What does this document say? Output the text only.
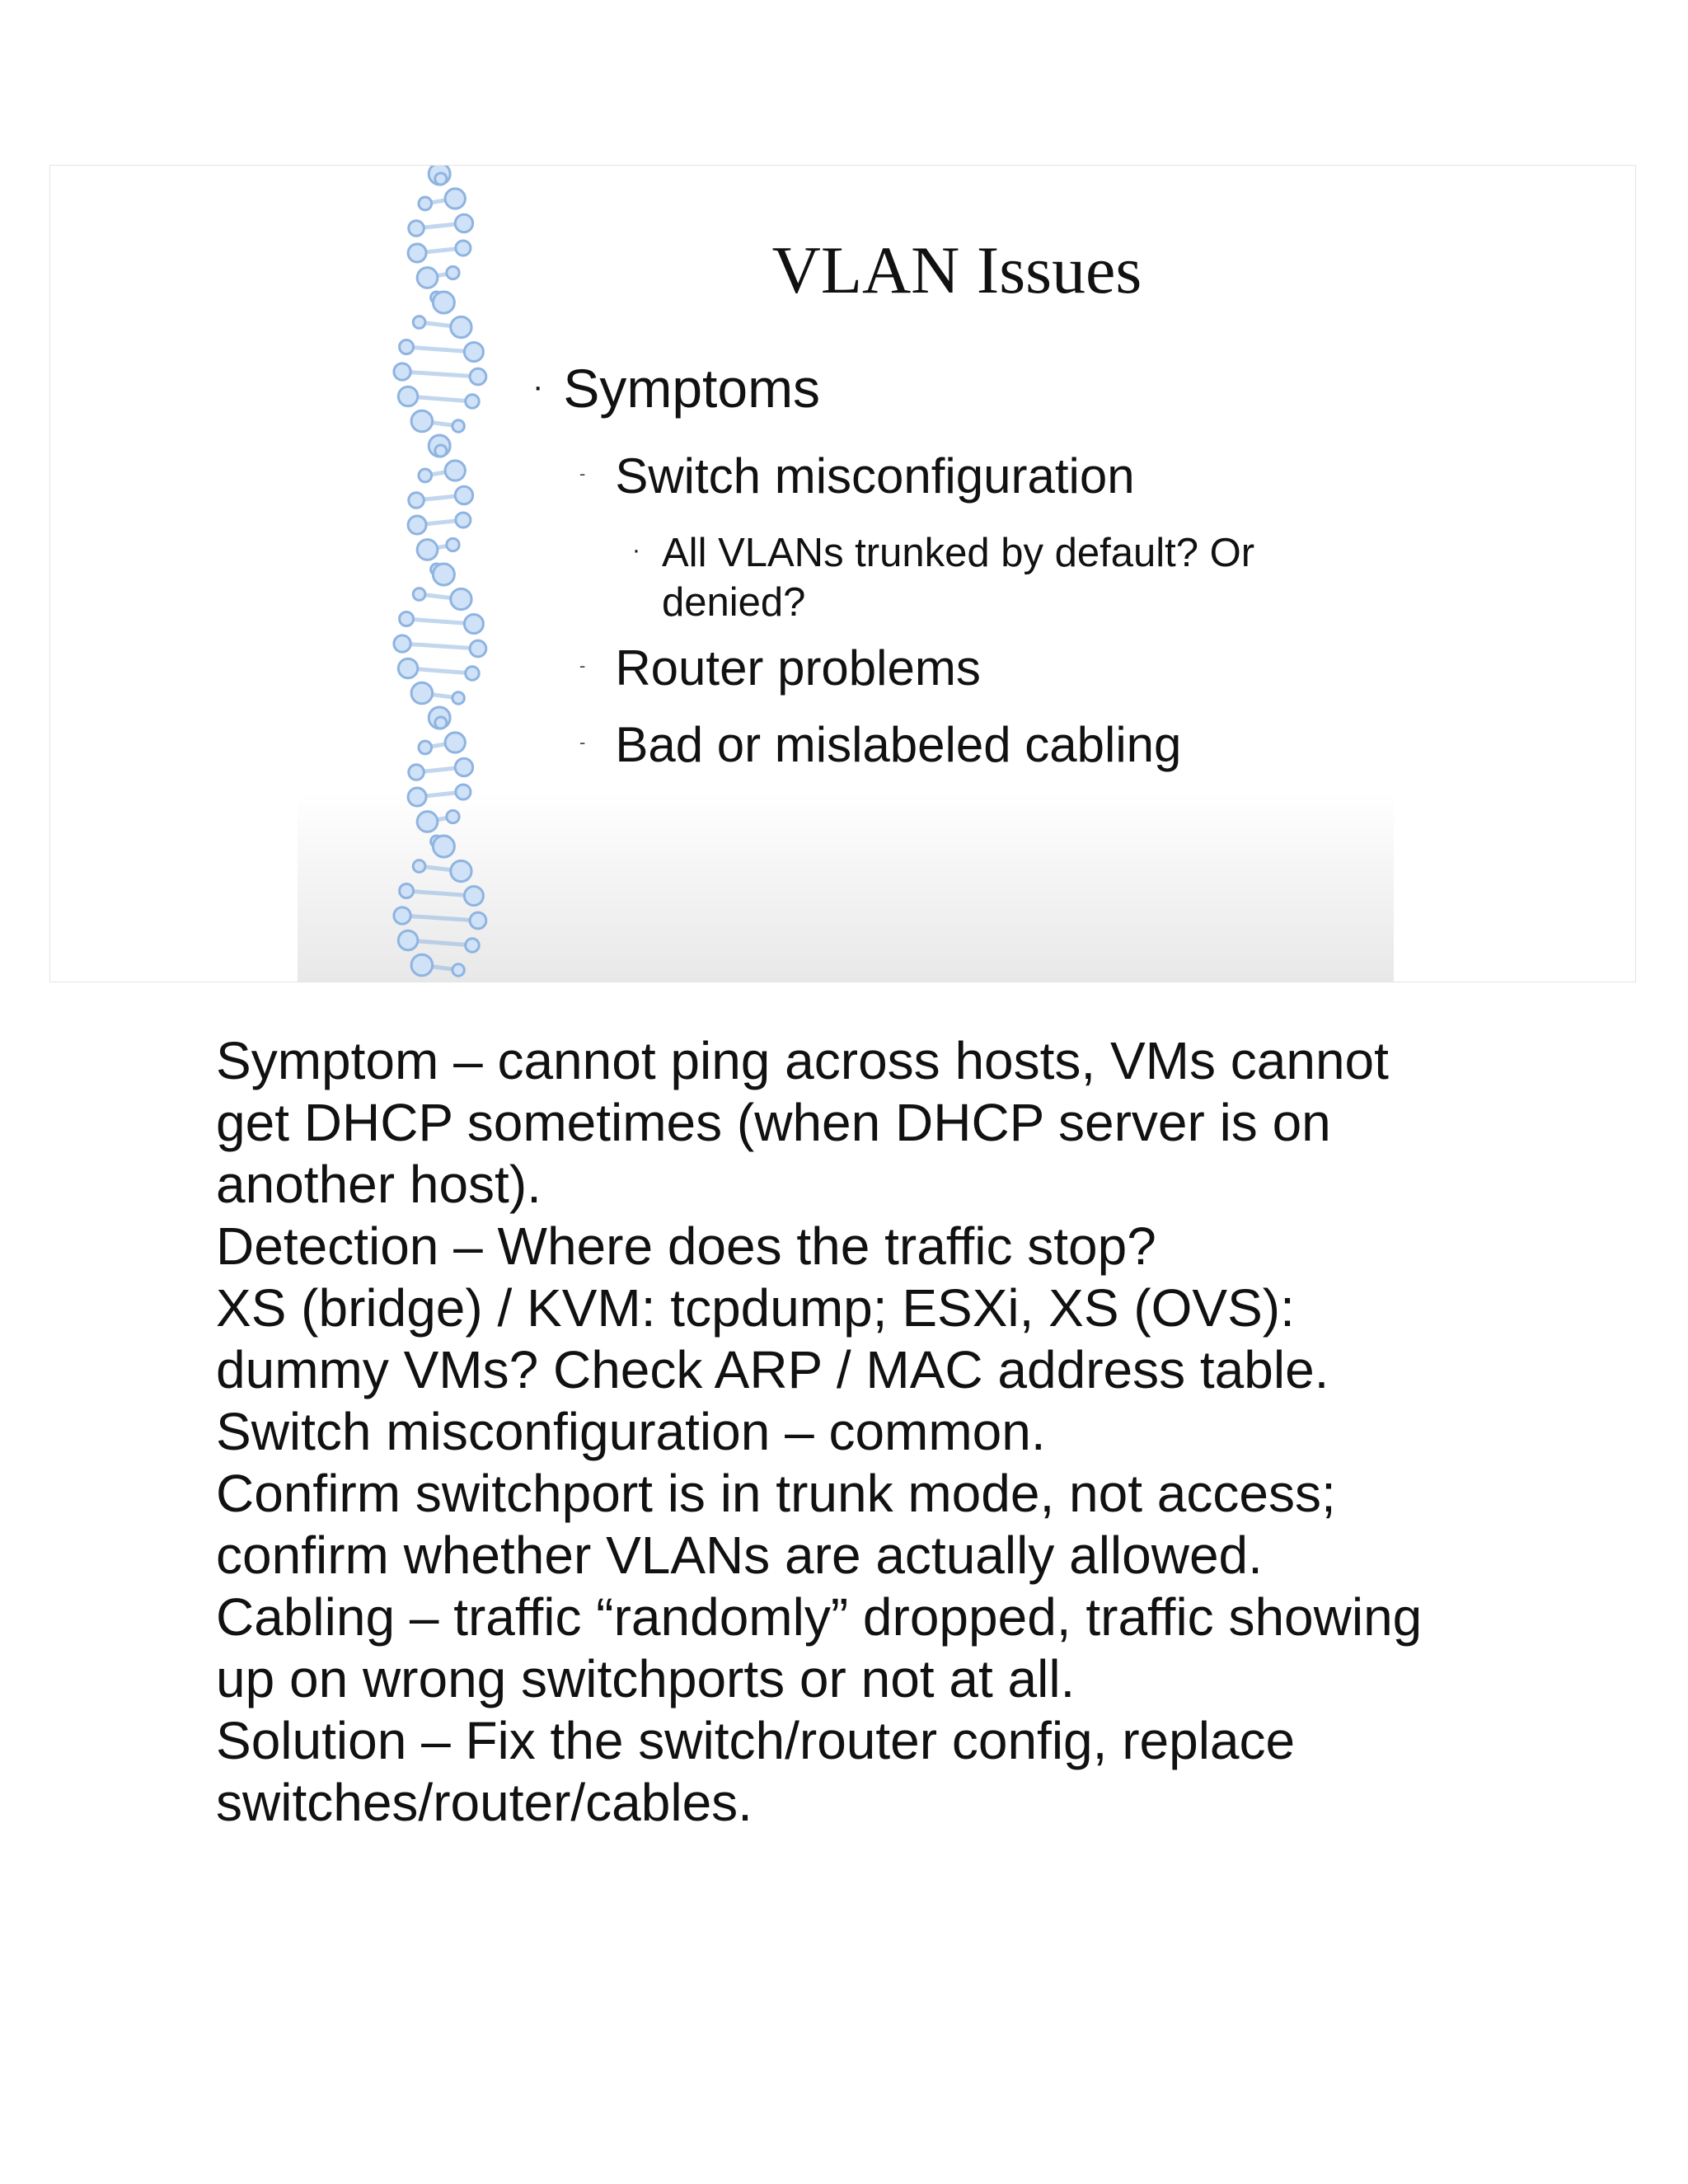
VLAN Issues
· Symptoms
- Switch misconfiguration
· All VLANs trunked by default? Or
denied?
- Router problems
- Bad or mislabeled cabling
Symptom – cannot ping across hosts, VMs cannot
get DHCP sometimes (when DHCP server is on
another host).
Detection – Where does the traffic stop?
XS (bridge) / KVM: tcpdump; ESXi, XS (OVS):
dummy VMs? Check ARP / MAC address table.
Switch misconfiguration – common.
Confirm switchport is in trunk mode, not access;
confirm whether VLANs are actually allowed.
Cabling – traffic “randomly” dropped, traffic showing
up on wrong switchports or not at all.
Solution – Fix the switch/router config, replace
switches/router/cables.
